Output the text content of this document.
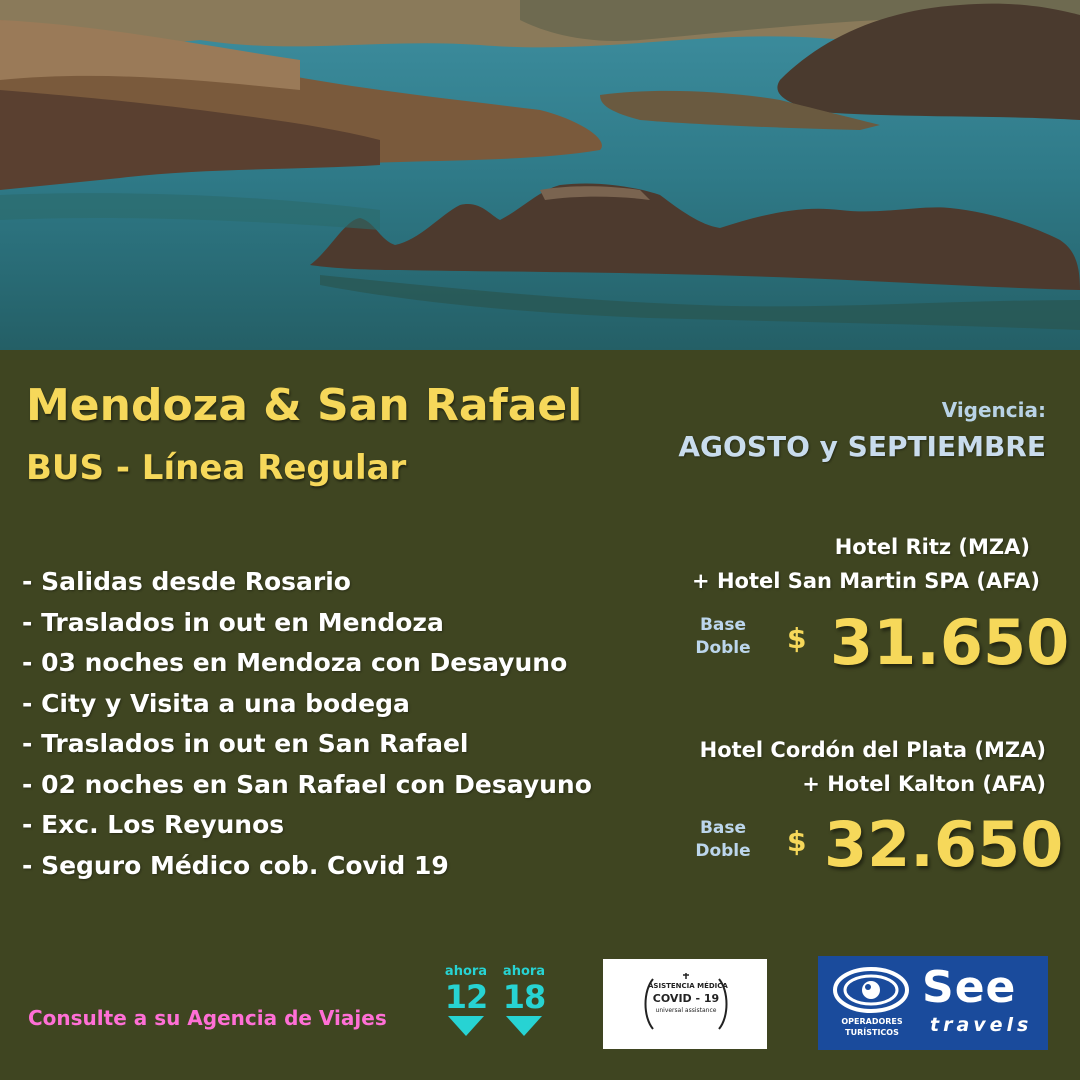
Mendoza & San Rafael
BUS - Línea Regular
Vigencia:
AGOSTO y SEPTIEMBRE
- Salidas desde Rosario
- Traslados in out en Mendoza
- 03 noches en Mendoza con Desayuno
- City y Visita a una bodega
- Traslados in out en San Rafael
- 02 noches en San Rafael con Desayuno
- Exc. Los Reyunos
- Seguro Médico cob. Covid 19
Hotel Ritz (MZA)
+ Hotel San Martin SPA (AFA)
Base
Doble $ 31.650
Hotel Cordón del Plata (MZA)
+ Hotel Kalton (AFA)
Base
Doble $ 32.650
Consulte a su Agencia de Viajes
ahora
12
ahora
18	ASISTENCIA MÉDICA
COVID - 19
universal assistance	See
OPERADORES
TURÍSTICOS	travels
